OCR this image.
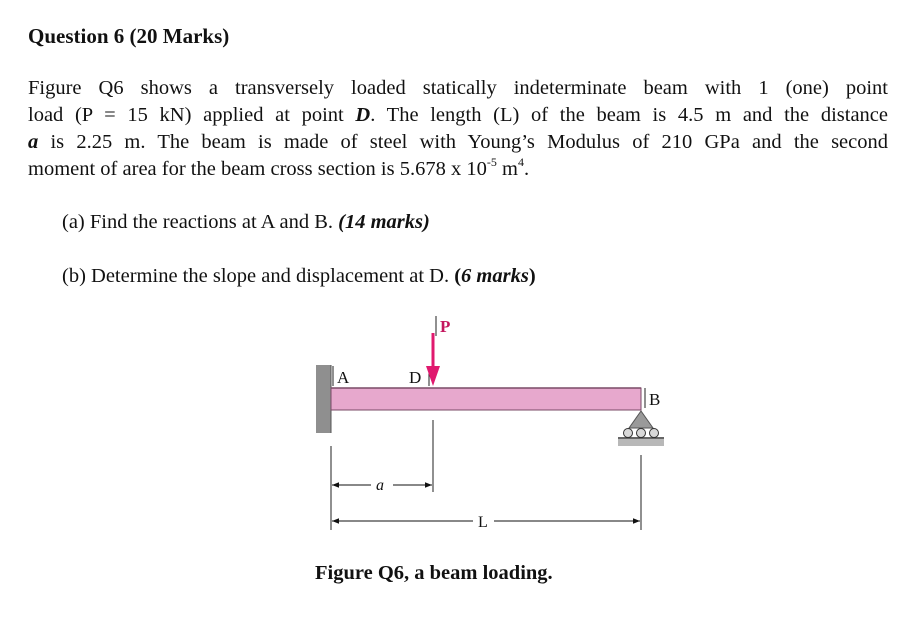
Question 6 (20 Marks)
Figure Q6 shows a transversely loaded statically indeterminate beam with 1 (one) point
load (P = 15 kN) applied at point D. The length (L) of the beam is 4.5 m and the distance
a is 2.25 m. The beam is made of steel with Young’s Modulus of 210 GPa and the second
moment of area for the beam cross section is 5.678 x $10^{-5}$ $m^4$.
(a) Find the reactions at A and B. (14 marks)
(b) Determine the slope and displacement at D. (6 marks)
A	D
P
B
a
L
Figure Q6, a beam loading.
